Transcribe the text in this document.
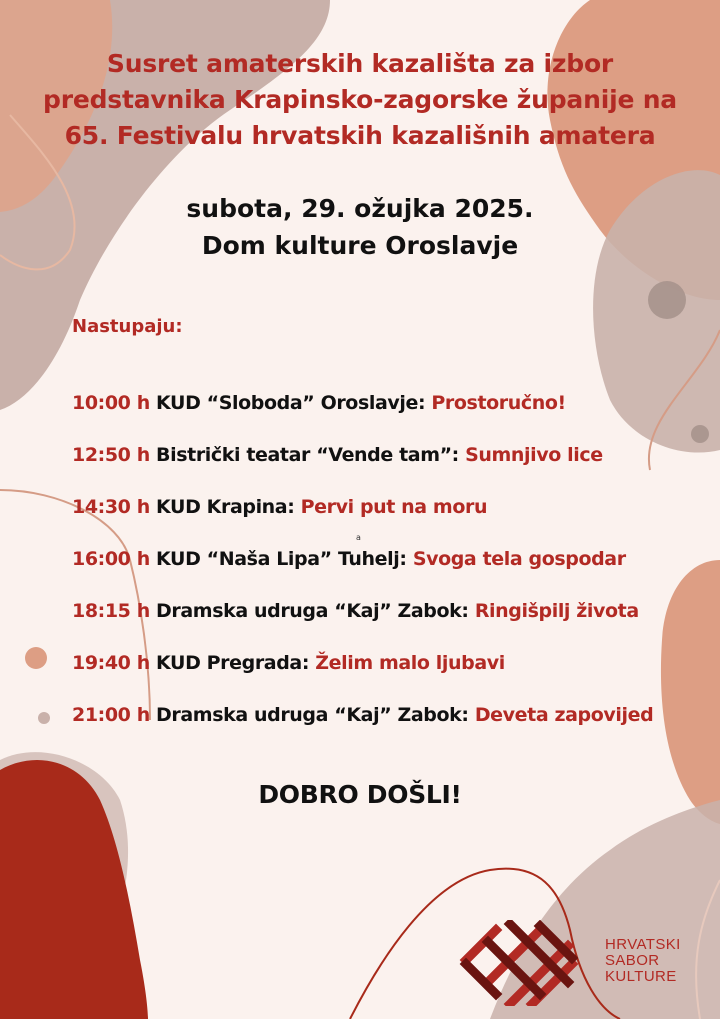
Susret amaterskih kazališta za izbor
predstavnika Krapinsko-zagorske županije na
65. Festivalu hrvatskih kazališnih amatera
subota, 29. ožujka 2025.
Dom kulture Oroslavje
Nastupaju:
10:00 h KUD “Sloboda” Oroslavje: Prostoručno!
12:50 h Bistrički teatar “Vende tam”: Sumnjivo lice
14:30 h KUD Krapina: Pervi put na moru
16:00 h KUD “Naša Lipa” Tuhelj: Svoga tela gospodar
18:15 h Dramska udruga “Kaj” Zabok: Ringišpilj života
19:40 h KUD Pregrada: Želim malo ljubavi
21:00 h Dramska udruga “Kaj” Zabok: Deveta zapovijed
a
DOBRO DOŠLI!
HRVATSKI
SABOR
KULTURE
